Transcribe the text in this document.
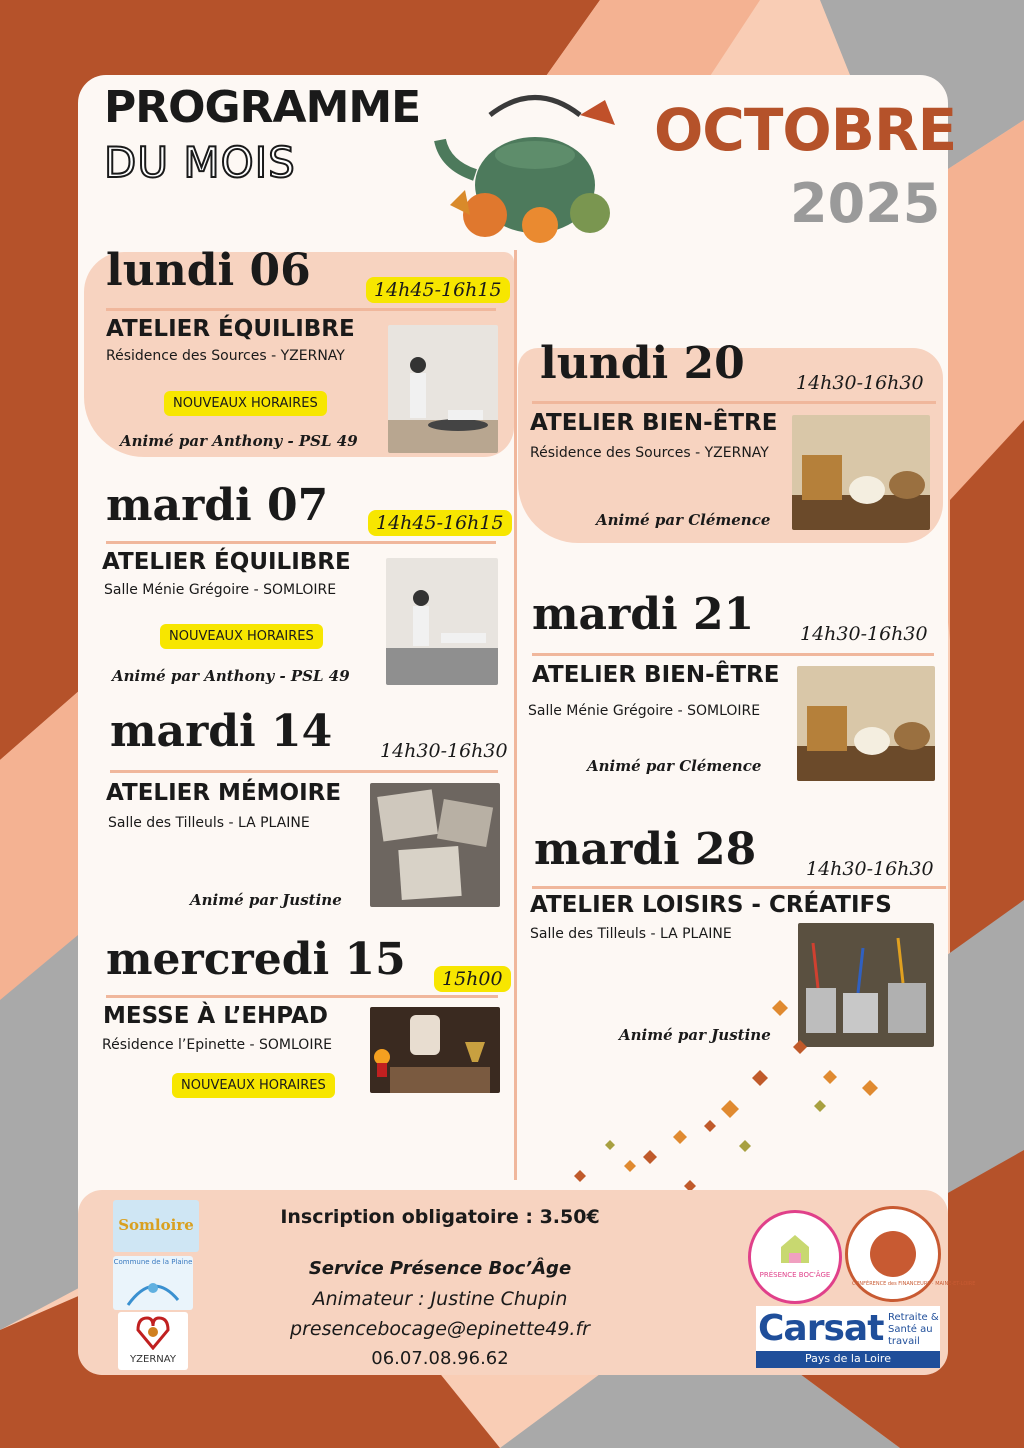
PROGRAMME
DU MOIS	OCTOBRE
2025
lundi 06	14h45-16h15
ATELIER ÉQUILIBRE
Résidence des Sources - YZERNAY
NOUVEAUX HORAIRES
Animé par Anthony - PSL 49
mardi 07	14h45-16h15
ATELIER ÉQUILIBRE
Salle Ménie Grégoire - SOMLOIRE
NOUVEAUX HORAIRES
Animé par Anthony - PSL 49
mardi 14	14h30-16h30
ATELIER MÉMOIRE
Salle des Tilleuls - LA PLAINE
Animé par Justine
mercredi 15	15h00
MESSE À L’EHPAD
Résidence l’Epinette - SOMLOIRE
NOUVEAUX HORAIRES
lundi 20	14h30-16h30
ATELIER BIEN-ÊTRE
Résidence des Sources - YZERNAY
Animé par Clémence
mardi 21 14h30-16h30
ATELIER BIEN-ÊTRE
Salle Ménie Grégoire - SOMLOIRE
Animé par Clémence
mardi 28	14h30-16h30
ATELIER LOISIRS - CRÉATIFS
Salle des Tilleuls - LA PLAINE
Animé par Justine
Inscription obligatoire : 3.50€
Service Présence Boc’Âge
Animateur : Justine Chupin
presencebocage@epinette49.fr
06.07.08.96.62
Somloire
Commune de la Plaine
YZERNAY
PRÉSENCE BOC'ÂGE
CONFÉRENCE des FINANCEURS · MAINE-ET-LOIRE
Carsat Retraite & Santé au travail
Pays de la Loire
